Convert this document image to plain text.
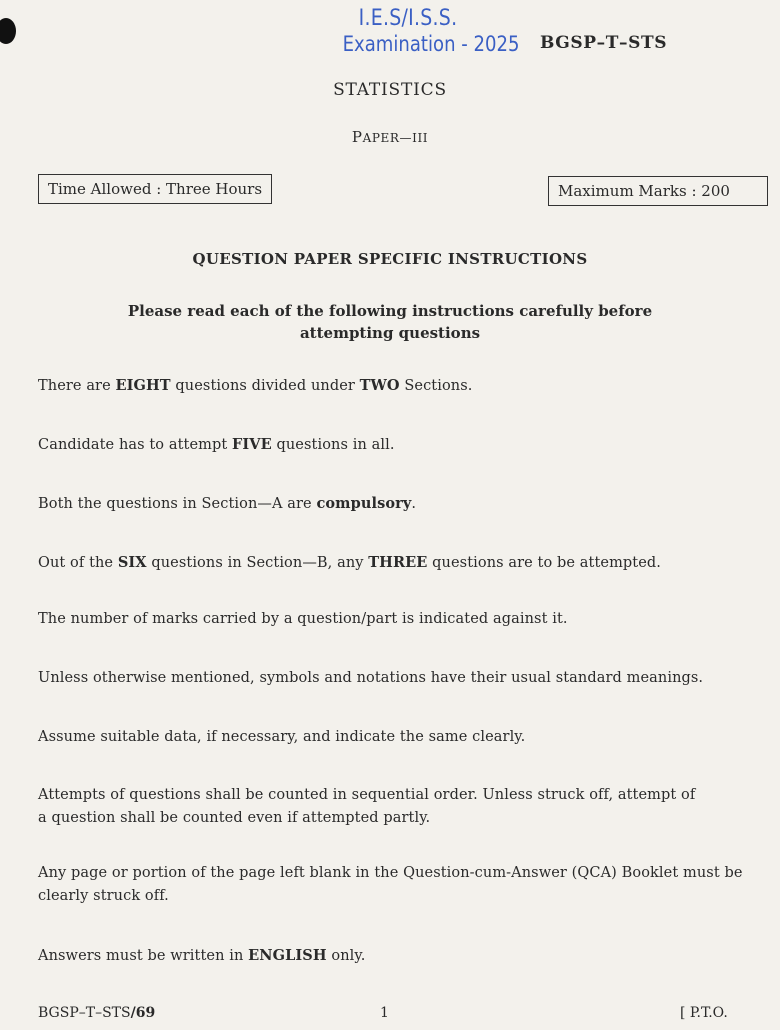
I.E.S/I.S.S.
Examination - 2025 BGSP–T–STS
STATISTICS
PAPER—III
Time Allowed : Three Hours	Maximum Marks : 200
QUESTION PAPER SPECIFIC INSTRUCTIONS
Please read each of the following instructions carefully before
attempting questions
There are EIGHT questions divided under TWO Sections.
Candidate has to attempt FIVE questions in all.
Both the questions in Section—A are compulsory.
Out of the SIX questions in Section—B, any THREE questions are to be attempted.
The number of marks carried by a question/part is indicated against it.
Unless otherwise mentioned, symbols and notations have their usual standard meanings.
Assume suitable data, if necessary, and indicate the same clearly.
Attempts of questions shall be counted in sequential order. Unless struck off, attempt of
a question shall be counted even if attempted partly.
Any page or portion of the page left blank in the Question-cum-Answer (QCA) Booklet must be
clearly struck off.
Answers must be written in ENGLISH only.
BGSP–T–STS/69	1	[ P.T.O.
